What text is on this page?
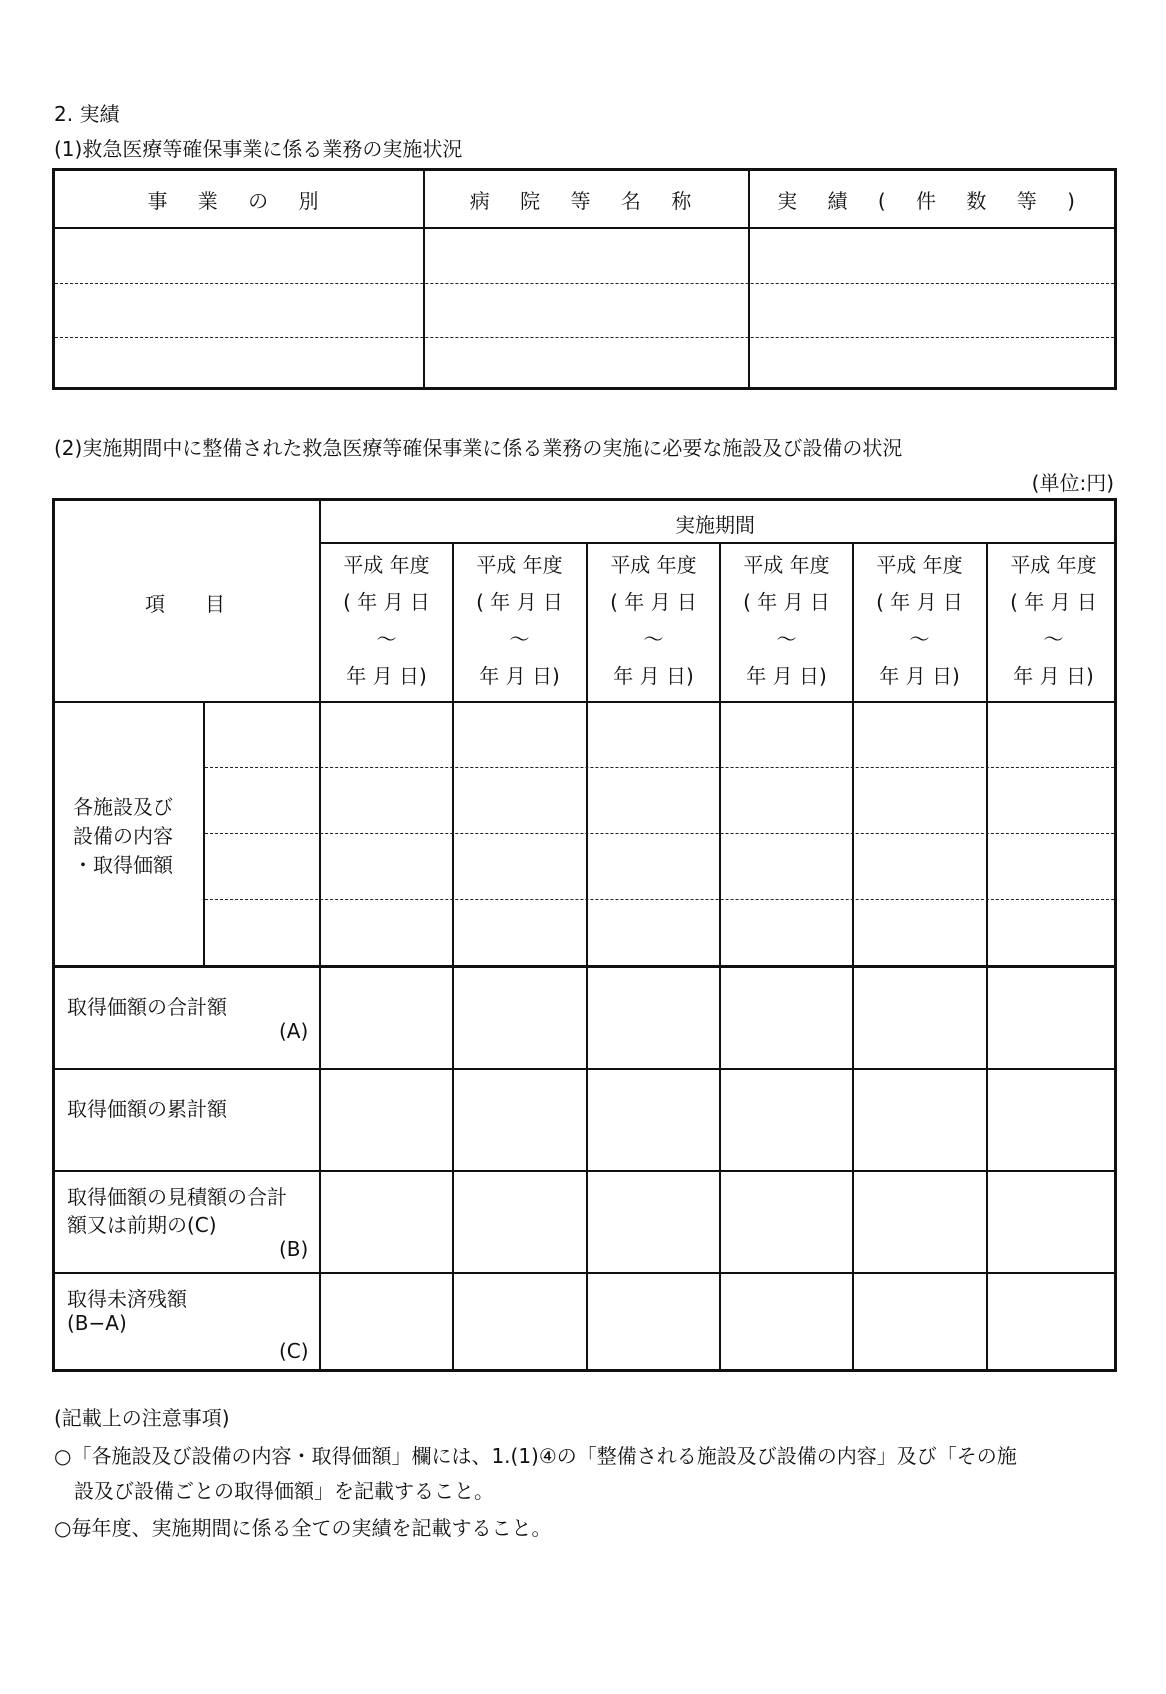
2. 実績
(1)救急医療等確保事業に係る業務の実施状況
事 業 の 別	病 院 等 名 称	実 績 ( 件 数 等 )
(2)実施期間中に整備された救急医療等確保事業に係る業務の実施に必要な施設及び設備の状況
(単位:円)
項　　目
実施期間
平成 年度
( 年 月 日
〜
年 月 日)
平成 年度
( 年 月 日
〜
年 月 日)
平成 年度
( 年 月 日
〜
年 月 日)
平成 年度
( 年 月 日
〜
年 月 日)
平成 年度
( 年 月 日
〜
年 月 日)
平成 年度
( 年 月 日
〜
年 月 日)
各施設及び
設備の内容
・取得価額
取得価額の合計額
(A)
取得価額の累計額
取得価額の見積額の合計
額又は前期の(C)
(B)
取得未済残額
(B−A)
(C)
(記載上の注意事項)
○「各施設及び設備の内容・取得価額」欄には、1.(1)④の「整備される施設及び設備の内容」及び「その施
　設及び設備ごとの取得価額」を記載すること。
○毎年度、実施期間に係る全ての実績を記載すること。
